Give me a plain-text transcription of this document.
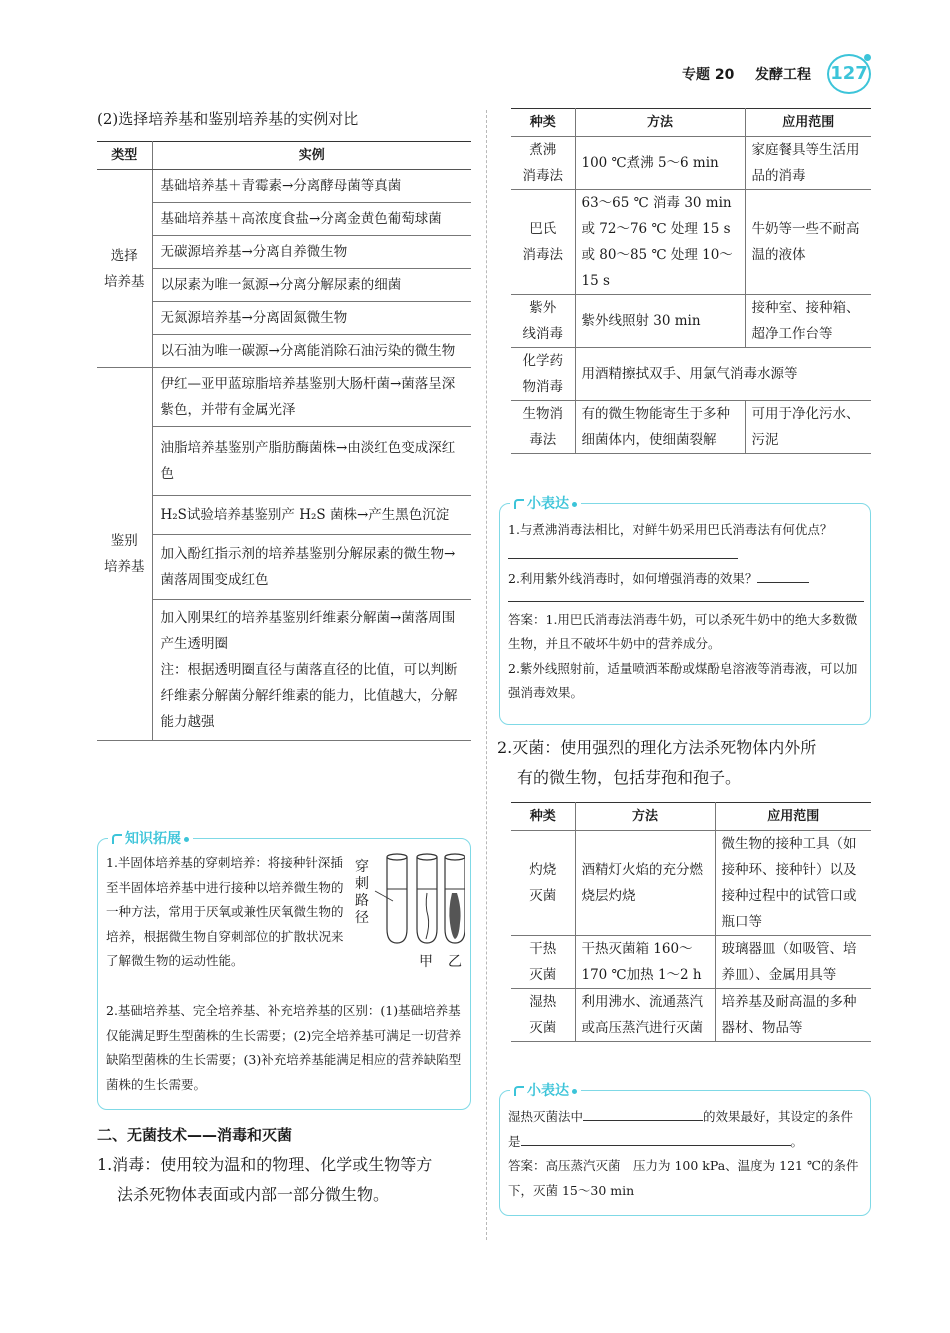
专题 20 发酵工程 127
(2)选择培养基和鉴别培养基的实例对比
类型	实例
选择
培养基	基础培养基＋青霉素→分离酵母菌等真菌
	基础培养基＋高浓度食盐→分离金黄色葡萄球菌
	无碳源培养基→分离自养微生物
	以尿素为唯一氮源→分离分解尿素的细菌
	无氮源培养基→分离固氮微生物
	以石油为唯一碳源→分离能消除石油污染的微生物
鉴别
培养基	伊红—亚甲蓝琼脂培养基鉴别大肠杆菌→菌落呈深紫色，并带有金属光泽
	油脂培养基鉴别产脂肪酶菌株→由淡红色变成深红色
	H₂S试验培养基鉴别产 H₂S 菌株→产生黑色沉淀
	加入酚红指示剂的培养基鉴别分解尿素的微生物→菌落周围变成红色
	加入刚果红的培养基鉴别纤维素分解菌→菌落周围产生透明圈
注：根据透明圈直径与菌落直径的比值，可以判断纤维素分解菌分解纤维素的能力，比值越大，分解能力越强
知识拓展

1.半固体培养基的穿刺培养：将接种针深插至半固体培养基中进行接种以培养微生物的一种方法，常用于厌氧或兼性厌氧微生物的培养，根据微生物自穿刺部位的扩散状况来了解微生物的运动性能。

穿刺路径
甲 乙

2.基础培养基、完全培养基、补充培养基的区别：(1)基础培养基仅能满足野生型菌株的生长需要；(2)完全培养基可满足一切营养缺陷型菌株的生长需要；(3)补充培养基能满足相应的营养缺陷型菌株的生长需要。

二、无菌技术——消毒和灭菌
1.消毒：使用较为温和的物理、化学或生物等方
法杀死物体表面或内部一部分微生物。
种类	方法	应用范围
煮沸
消毒法	100 ℃煮沸 5～6 min	家庭餐具等生活用品的消毒
巴氏
消毒法	63～65 ℃ 消毒 30 min 或 72～76 ℃ 处理 15 s 或 80～85 ℃ 处理 10～15 s	牛奶等一些不耐高温的液体
紫外
线消毒	紫外线照射 30 min	接种室、接种箱、超净工作台等
化学药
物消毒	用酒精擦拭双手、用氯气消毒水源等	
生物消
毒法	有的微生物能寄生于多种细菌体内，使细菌裂解	可用于净化污水、污泥
小表达

1.与煮沸消毒法相比，对鲜牛奶采用巴氏消毒法有何优点？

2.利用紫外线消毒时，如何增强消毒的效果？

答案：1.用巴氏消毒法消毒牛奶，可以杀死牛奶中的绝大多数微生物，并且不破坏牛奶中的营养成分。

2.紫外线照射前，适量喷洒苯酚或煤酚皂溶液等消毒液，可以加强消毒效果。

2.灭菌：使用强烈的理化方法杀死物体内外所
有的微生物，包括芽孢和孢子。
种类	方法	应用范围
灼烧
灭菌	酒精灯火焰的充分燃烧层灼烧	微生物的接种工具（如接种环、接种针）以及接种过程中的试管口或瓶口等
干热
灭菌	干热灭菌箱 160～170 ℃加热 1～2 h	玻璃器皿（如吸管、培养皿）、金属用具等
湿热
灭菌	利用沸水、流通蒸汽或高压蒸汽进行灭菌	培养基及耐高温的多种器材、物品等
小表达

湿热灭菌法中	的效果最好，其设定的条件是	。

答案：高压蒸汽灭菌　压力为 100 kPa、温度为 121 ℃的条件下，灭菌 15～30 min
